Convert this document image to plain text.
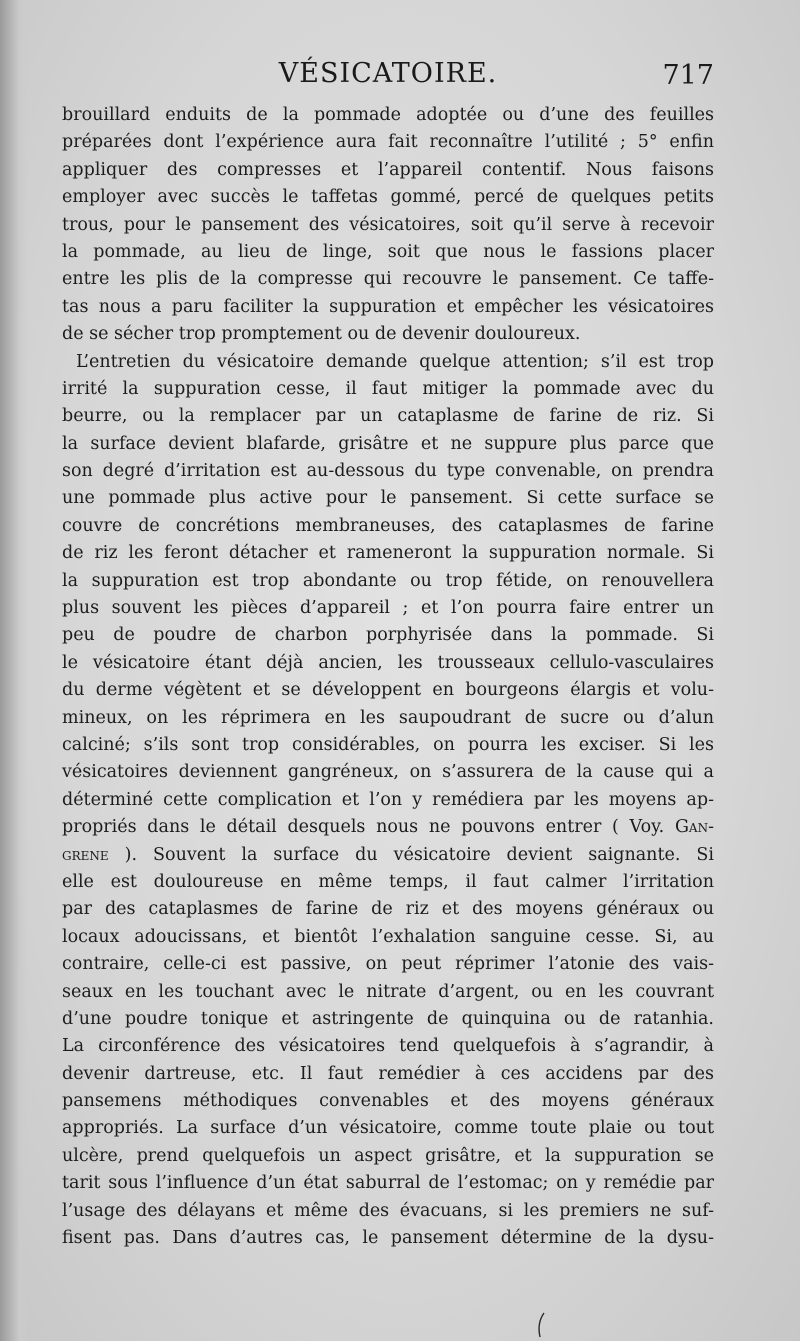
VÉSICATOIRE.	717
brouillard enduits de la pommade adoptée ou d’une des feuilles
préparées dont l’expérience aura fait reconnaître l’utilité ; 5° enfin
appliquer des compresses et l’appareil contentif. Nous faisons
employer avec succès le taffetas gommé, percé de quelques petits
trous, pour le pansement des vésicatoires, soit qu’il serve à recevoir
la pommade, au lieu de linge, soit que nous le fassions placer
entre les plis de la compresse qui recouvre le pansement. Ce taffe-
tas nous a paru faciliter la suppuration et empêcher les vésicatoires
de se sécher trop promptement ou de devenir douloureux.
L’entretien du vésicatoire demande quelque attention; s’il est trop
irrité la suppuration cesse, il faut mitiger la pommade avec du
beurre, ou la remplacer par un cataplasme de farine de riz. Si
la surface devient blafarde, grisâtre et ne suppure plus parce que
son degré d’irritation est au-dessous du type convenable, on prendra
une pommade plus active pour le pansement. Si cette surface se
couvre de concrétions membraneuses, des cataplasmes de farine
de riz les feront détacher et rameneront la suppuration normale. Si
la suppuration est trop abondante ou trop fétide, on renouvellera
plus souvent les pièces d’appareil ; et l’on pourra faire entrer un
peu de poudre de charbon porphyrisée dans la pommade. Si
le vésicatoire étant déjà ancien, les trousseaux cellulo-vasculaires
du derme végètent et se développent en bourgeons élargis et volu-
mineux, on les réprimera en les saupoudrant de sucre ou d’alun
calciné; s’ils sont trop considérables, on pourra les exciser. Si les
vésicatoires deviennent gangréneux, on s’assurera de la cause qui a
déterminé cette complication et l’on y remédiera par les moyens ap-
propriés dans le détail desquels nous ne pouvons entrer ( Voy. Gan-
grene ). Souvent la surface du vésicatoire devient saignante. Si
elle est douloureuse en même temps, il faut calmer l’irritation
par des cataplasmes de farine de riz et des moyens généraux ou
locaux adoucissans, et bientôt l’exhalation sanguine cesse. Si, au
contraire, celle-ci est passive, on peut réprimer l’atonie des vais-
seaux en les touchant avec le nitrate d’argent, ou en les couvrant
d’une poudre tonique et astringente de quinquina ou de ratanhia.
La circonférence des vésicatoires tend quelquefois à s’agrandir, à
devenir dartreuse, etc. Il faut remédier à ces accidens par des
pansemens méthodiques convenables et des moyens généraux
appropriés. La surface d’un vésicatoire, comme toute plaie ou tout
ulcère, prend quelquefois un aspect grisâtre, et la suppuration se
tarit sous l’influence d’un état saburral de l’estomac; on y remédie par
l’usage des délayans et même des évacuans, si les premiers ne suf-
fisent pas. Dans d’autres cas, le pansement détermine de la dysu-
